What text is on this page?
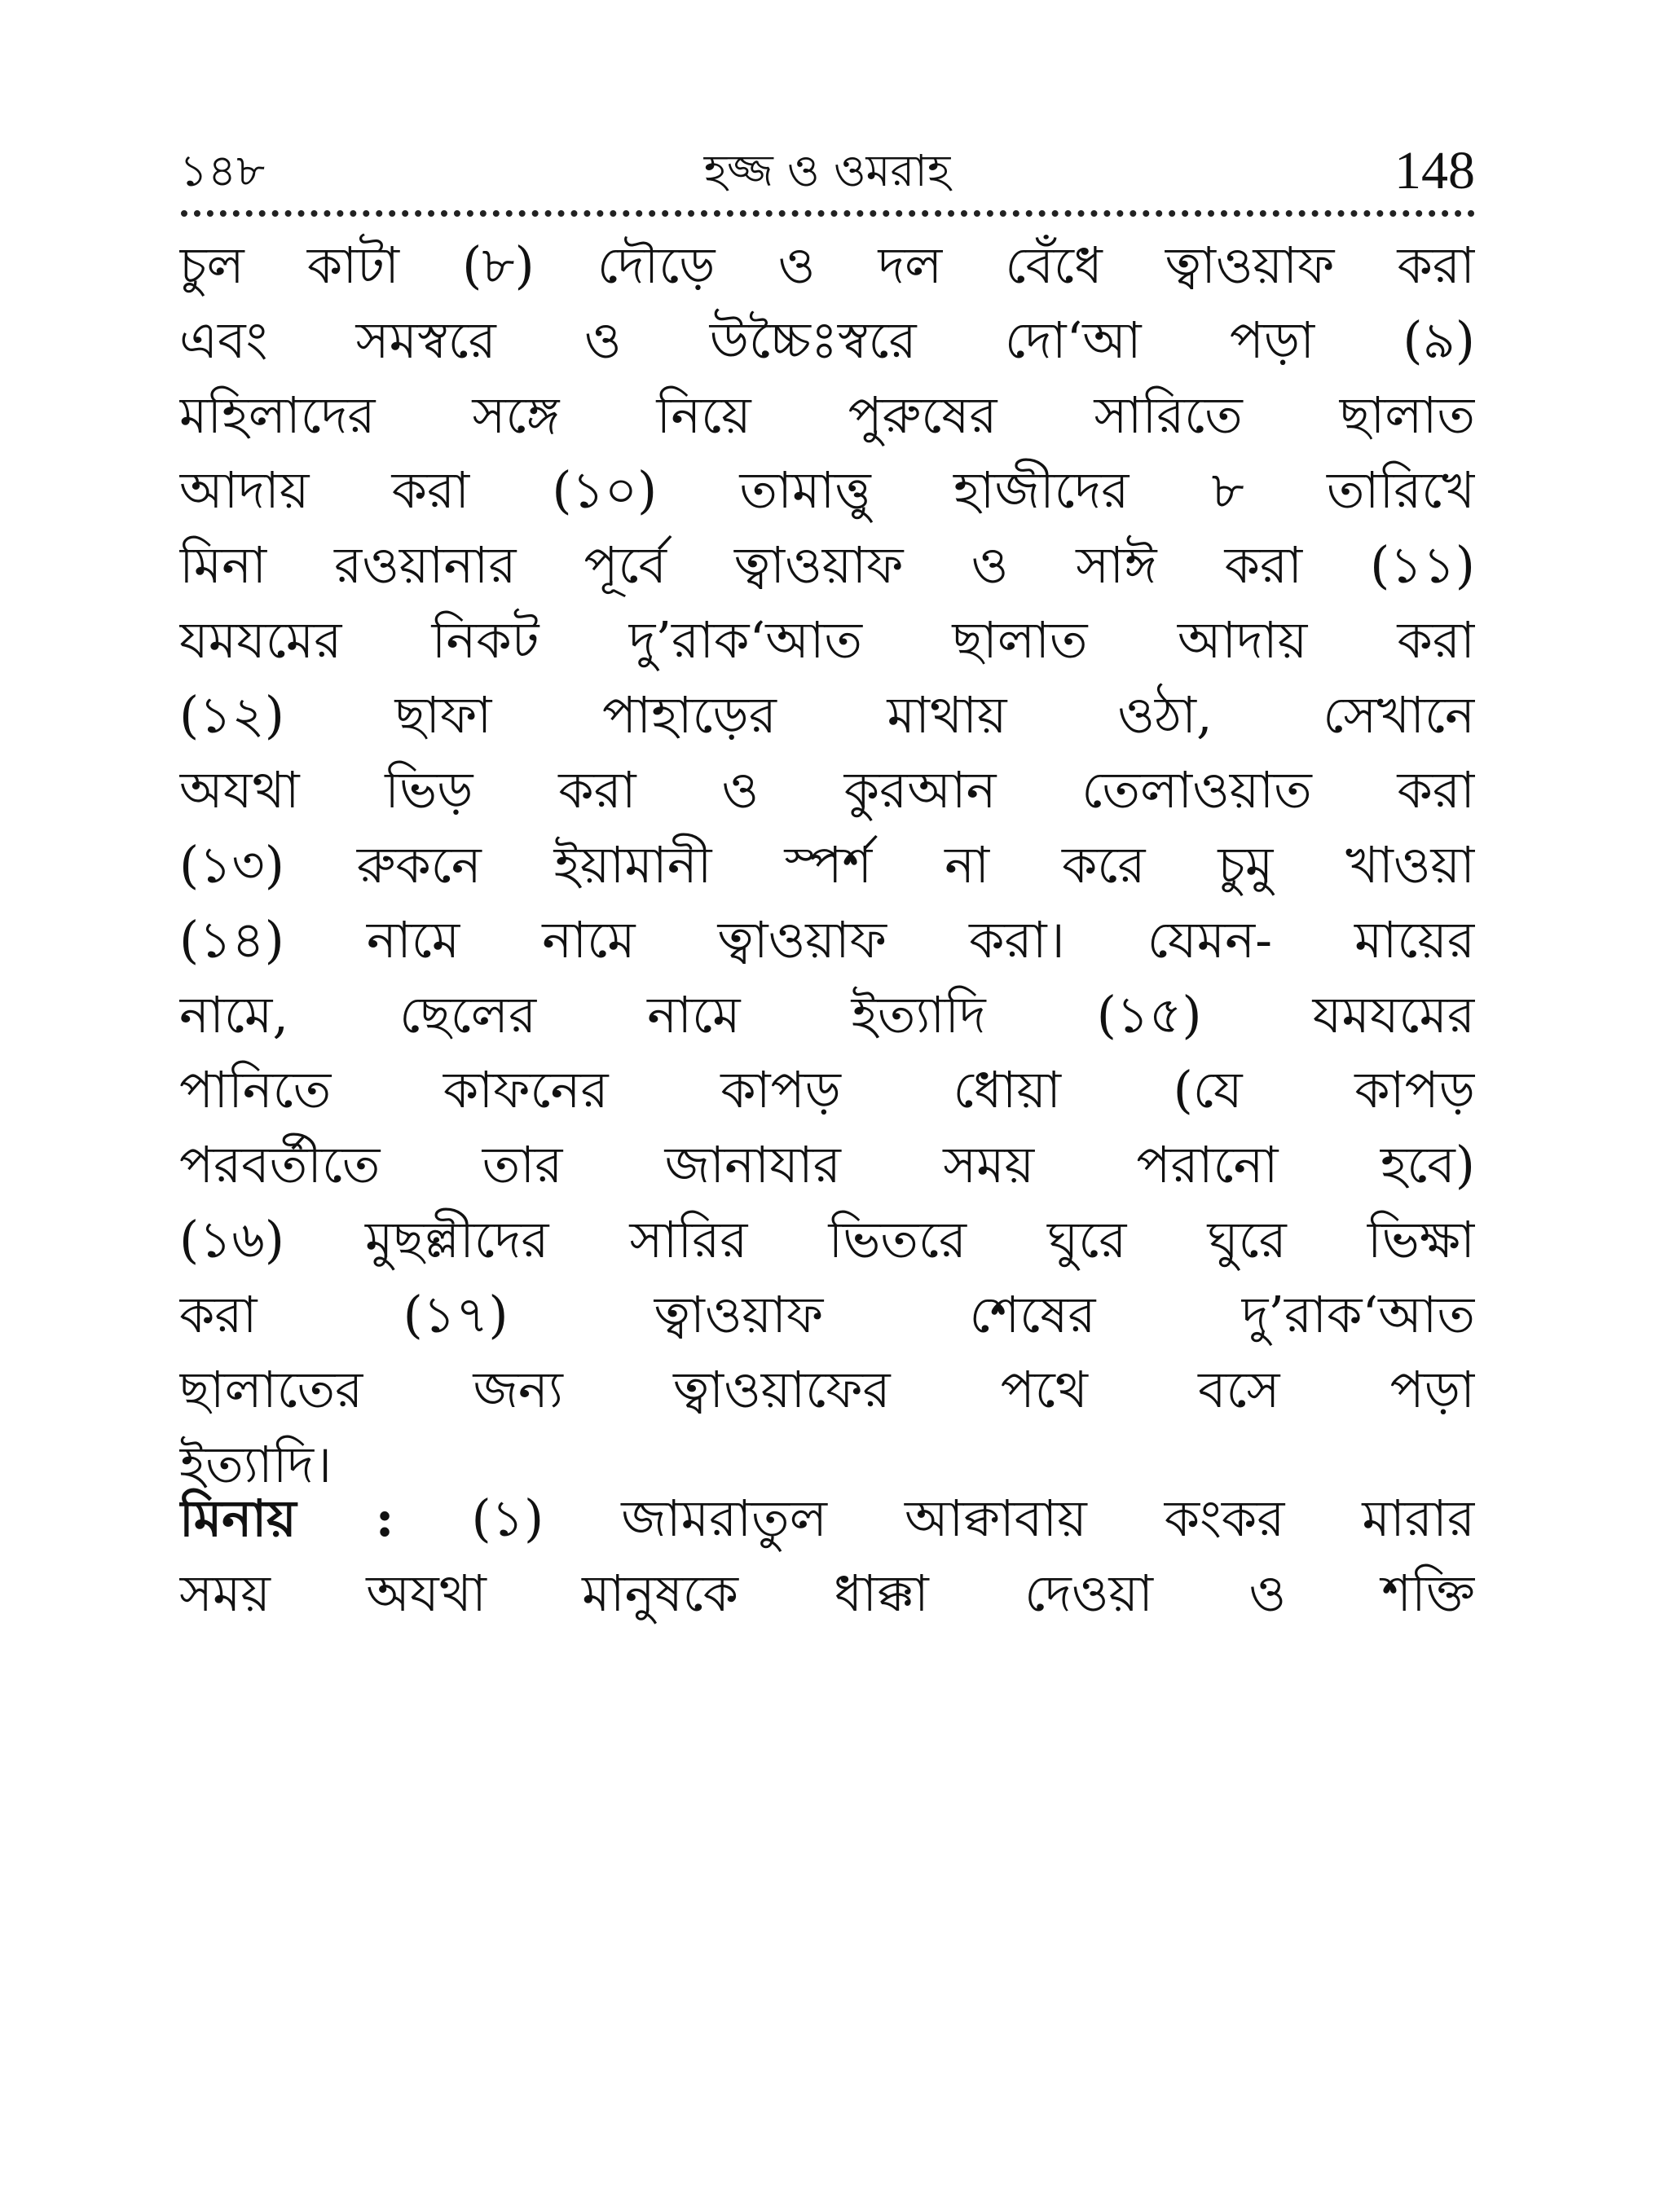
১৪৮	হজ্জ ও ওমরাহ	148
চুল কাটা (৮) দৌড়ে ও দল বেঁধে ত্বাওয়াফ করা
এবং সমস্বরে ও উচ্চৈঃস্বরে দো‘আ পড়া (৯)
মহিলাদের সঙ্গে নিয়ে পুরুষের সারিতে ছালাত
আদায় করা (১০) তামাত্তু হাজীদের ৮ তারিখে
মিনা রওয়ানার পূর্বে ত্বাওয়াফ ও সাঈ করা (১১)
যমযমের নিকট দু’রাক‘আত ছালাত আদায় করা
(১২) ছাফা পাহাড়ের মাথায় ওঠা, সেখানে
অযথা ভিড় করা ও কুরআন তেলাওয়াত করা
(১৩) রুকনে ইয়ামানী স্পর্শ না করে চুমু খাওয়া
(১৪) নামে নামে ত্বাওয়াফ করা। যেমন- মায়ের
নামে, ছেলের নামে ইত্যাদি (১৫) যমযমের
পানিতে কাফনের কাপড় ধোয়া (যে কাপড়
পরবর্তীতে তার জানাযার সময় পরানো হবে)
(১৬) মুছল্লীদের সারির ভিতরে ঘুরে ঘুরে ভিক্ষা
করা (১৭) ত্বাওয়াফ শেষের দু’রাক‘আত
ছালাতের জন্য ত্বাওয়াফের পথে বসে পড়া
ইত্যাদি।
মিনায় : (১) জামরাতুল আক্বাবায় কংকর মারার
সময় অযথা মানুষকে ধাক্কা দেওয়া ও শক্তি
